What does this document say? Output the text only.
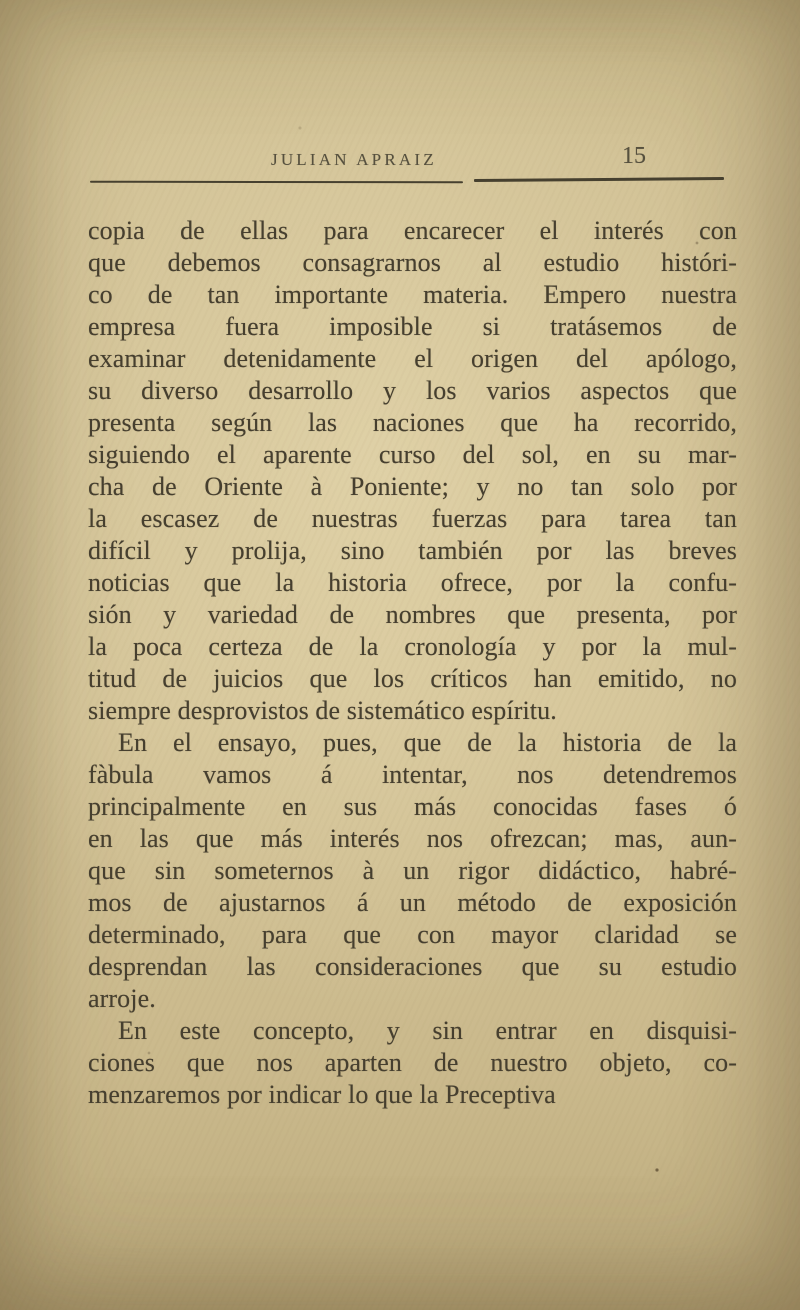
JULIAN APRAIZ	15
copia de ellas para encarecer el interés con
que debemos consagrarnos al estudio históri-
co de tan importante materia. Empero nuestra
empresa fuera imposible si tratásemos de
examinar detenidamente el origen del apólogo,
su diverso desarrollo y los varios aspectos que
presenta según las naciones que ha recorrido,
siguiendo el aparente curso del sol, en su mar-
cha de Oriente à Poniente; y no tan solo por
la escasez de nuestras fuerzas para tarea tan
difícil y prolija, sino también por las breves
noticias que la historia ofrece, por la confu-
sión y variedad de nombres que presenta, por
la poca certeza de la cronología y por la mul-
titud de juicios que los críticos han emitido, no
siempre desprovistos de sistemático espíritu.
En el ensayo, pues, que de la historia de la
fàbula vamos á intentar, nos detendremos
principalmente en sus más conocidas fases ó
en las que más interés nos ofrezcan; mas, aun-
que sin someternos à un rigor didáctico, habré-
mos de ajustarnos á un método de exposición
determinado, para que con mayor claridad se
desprendan las consideraciones que su estudio
arroje.
En este concepto, y sin entrar en disquisi-
ciones que nos aparten de nuestro objeto, co-
menzaremos por indicar lo que la Preceptiva
